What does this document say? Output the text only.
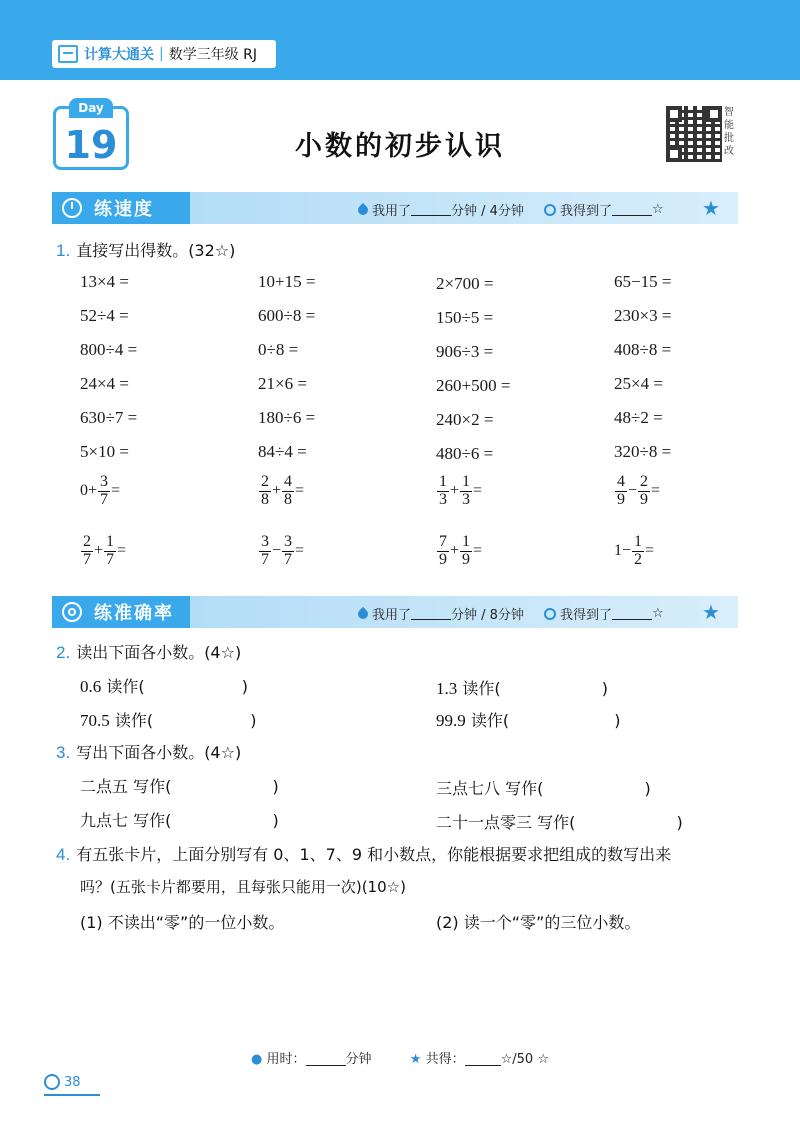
计算大通关 | 数学三年级 RJ
Day
19	小数的初步认识
智
能
批
改
练速度	我用了	分钟 / 4分钟	我得到了	☆ ★
1. 直接写出得数。(32☆)
13×4 =	10+15 =	2×700 =	65−15 =
52÷4 =	600÷8 =	150÷5 =	230×3 =
800÷4 =	0÷8 =	906÷3 =	408÷8 =
24×4 =	21×6 =	260+500 =	25×4 =
630÷7 =	180÷6 =	240×2 =	48÷2 =
5×10 =	84÷4 =	480÷6 =	320÷8 =
$0+ \frac{3}{7}$ =	$\frac{2}{8} + \frac{4}{8}$ =	$\frac{1}{3} + \frac{1}{3}$ =	$\frac{4}{9} - \frac{2}{9}$ =
$\frac{2}{7} + \frac{1}{7}$ =	$\frac{3}{7} - \frac{3}{7}$ =	$\frac{7}{9} + \frac{1}{9}$ =	$1- \frac{1}{2}$ =
练准确率	我用了	分钟 / 8分钟	我得到了	☆ ★
2. 读出下面各小数。(4☆)
0.6 读作(	)	1.3 读作(	)
70.5 读作(	)	99.9 读作(	)
3. 写出下面各小数。(4☆)
二点五 写作(	)	三点七八 写作(	)
九点七 写作(	)	二十一点零三 写作(	)
4. 有五张卡片，上面分别写有 0、1、7、9 和小数点，你能根据要求把组成的数写出来
吗？(五张卡片都要用，且每张只能用一次)(10☆)
(1) 不读出“零”的一位小数。	(2) 读一个“零”的三位小数。
● 用时：	分钟	★ 共得：	☆/50 ☆
38
